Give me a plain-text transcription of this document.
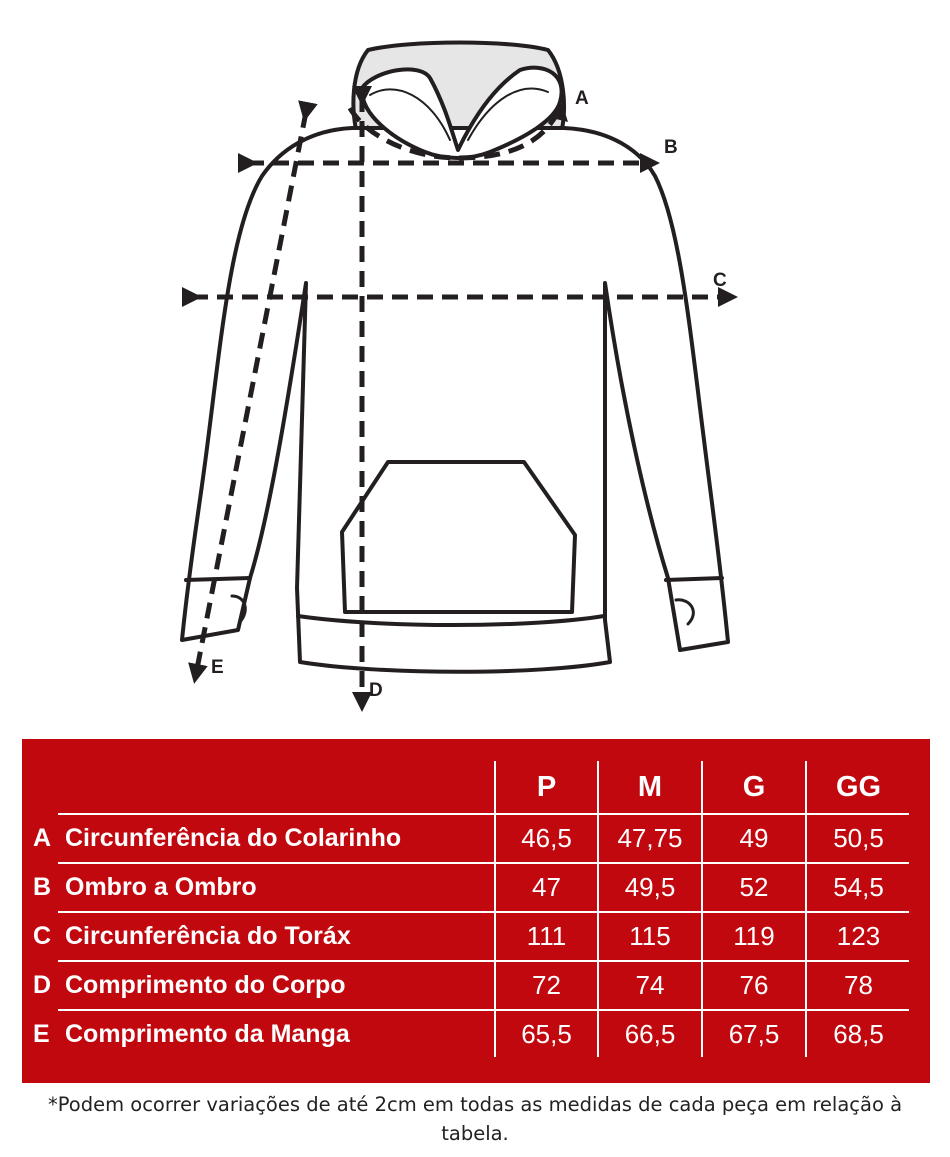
A
B
C
D
E
P	M	G	GG
A Circunferência do Colarinho	46,5	47,75	49	50,5
B Ombro a Ombro	47	49,5	52	54,5
C Circunferência do Toráx	111	115	119	123
D Comprimento do Corpo	72	74	76	78
E Comprimento da Manga	65,5	66,5	67,5	68,5
*Podem ocorrer variações de até 2cm em todas as medidas de cada peça em relação à tabela.
